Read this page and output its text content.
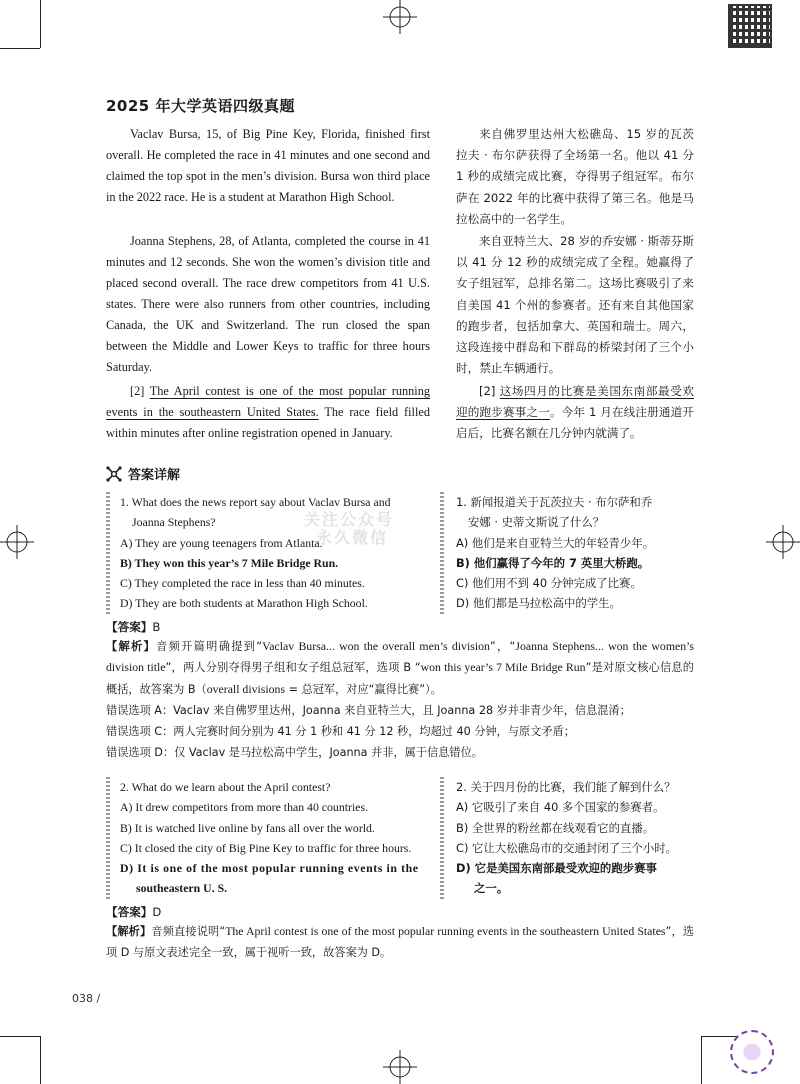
关注公众号
永久微信
2025 年大学英语四级真题

Vaclav Bursa, 15, of Big Pine Key, Florida, finished first overall. He completed the race in 41 minutes and one second and claimed the top spot in the men’s division. Bursa won third place in the 2022 race. He is a student at Marathon High School.

Joanna Stephens, 28, of Atlanta, completed the course in 41 minutes and 12 seconds. She won the women’s division title and placed second overall. The race drew competitors from 41 U.S. states. There were also runners from other countries, including Canada, the UK and Switzerland. The run closed the span between the Middle and Lower Keys to traffic for three hours Saturday.

[2] The April contest is one of the most popular running events in the southeastern United States. The race field filled within minutes after online registration opened in January.

来自佛罗里达州大松礁岛、15 岁的瓦茨拉夫 · 布尔萨获得了全场第一名。他以 41 分 1 秒的成绩完成比赛，夺得男子组冠军。布尔萨在 2022 年的比赛中获得了第三名。他是马拉松高中的一名学生。

来自亚特兰大、28 岁的乔安娜 · 斯蒂芬斯以 41 分 12 秒的成绩完成了全程。她赢得了女子组冠军，总排名第二。这场比赛吸引了来自美国 41 个州的参赛者。还有来自其他国家的跑步者，包括加拿大、英国和瑞士。周六，这段连接中群岛和下群岛的桥梁封闭了三个小时，禁止车辆通行。

[2] 这场四月的比赛是美国东南部最受欢迎的跑步赛事之一。今年 1 月在线注册通道开启后，比赛名额在几分钟内就满了。

答案详解
1. What does the news report say about Vaclav Bursa and
Joanna Stephens?
A) They are young teenagers from Atlanta.
B) They won this year’s 7 Mile Bridge Run.
C) They completed the race in less than 40 minutes.
D) They are both students at Marathon High School.
1. 新闻报道关于瓦茨拉夫 · 布尔萨和乔
安娜 · 史蒂文斯说了什么？
A) 他们是来自亚特兰大的年轻青少年。
B) 他们赢得了今年的 7 英里大桥跑。
C) 他们用不到 40 分钟完成了比赛。
D) 他们都是马拉松高中的学生。
【答案】B

【解析】音频开篇明确提到“Vaclav Bursa... won the overall men’s division”，“Joanna Stephens... won the women’s division title”，两人分别夺得男子组和女子组总冠军，选项 B “won this year’s 7 Mile Bridge Run”是对原文核心信息的概括，故答案为 B（overall divisions = 总冠军，对应“赢得比赛”）。
错误选项 A：Vaclav 来自佛罗里达州，Joanna 来自亚特兰大，且 Joanna 28 岁并非青少年，信息混淆；
错误选项 C：两人完赛时间分别为 41 分 1 秒和 41 分 12 秒，均超过 40 分钟，与原文矛盾；
错误选项 D：仅 Vaclav 是马拉松高中学生，Joanna 并非，属于信息错位。

2. What do we learn about the April contest?
A) It drew competitors from more than 40 countries.
B) It is watched live online by fans all over the world.
C) It closed the city of Big Pine Key to traffic for three hours.
D) It is one of the most popular running events in the
southeastern U. S.
2. 关于四月份的比赛，我们能了解到什么？
A) 它吸引了来自 40 多个国家的参赛者。
B) 全世界的粉丝都在线观看它的直播。
C) 它让大松礁岛市的交通封闭了三个小时。
D) 它是美国东南部最受欢迎的跑步赛事
之一。
【答案】D

【解析】音频直接说明“The April contest is one of the most popular running events in the southeastern United States”，选项 D 与原文表述完全一致，属于视听一致，故答案为 D。

038 /
